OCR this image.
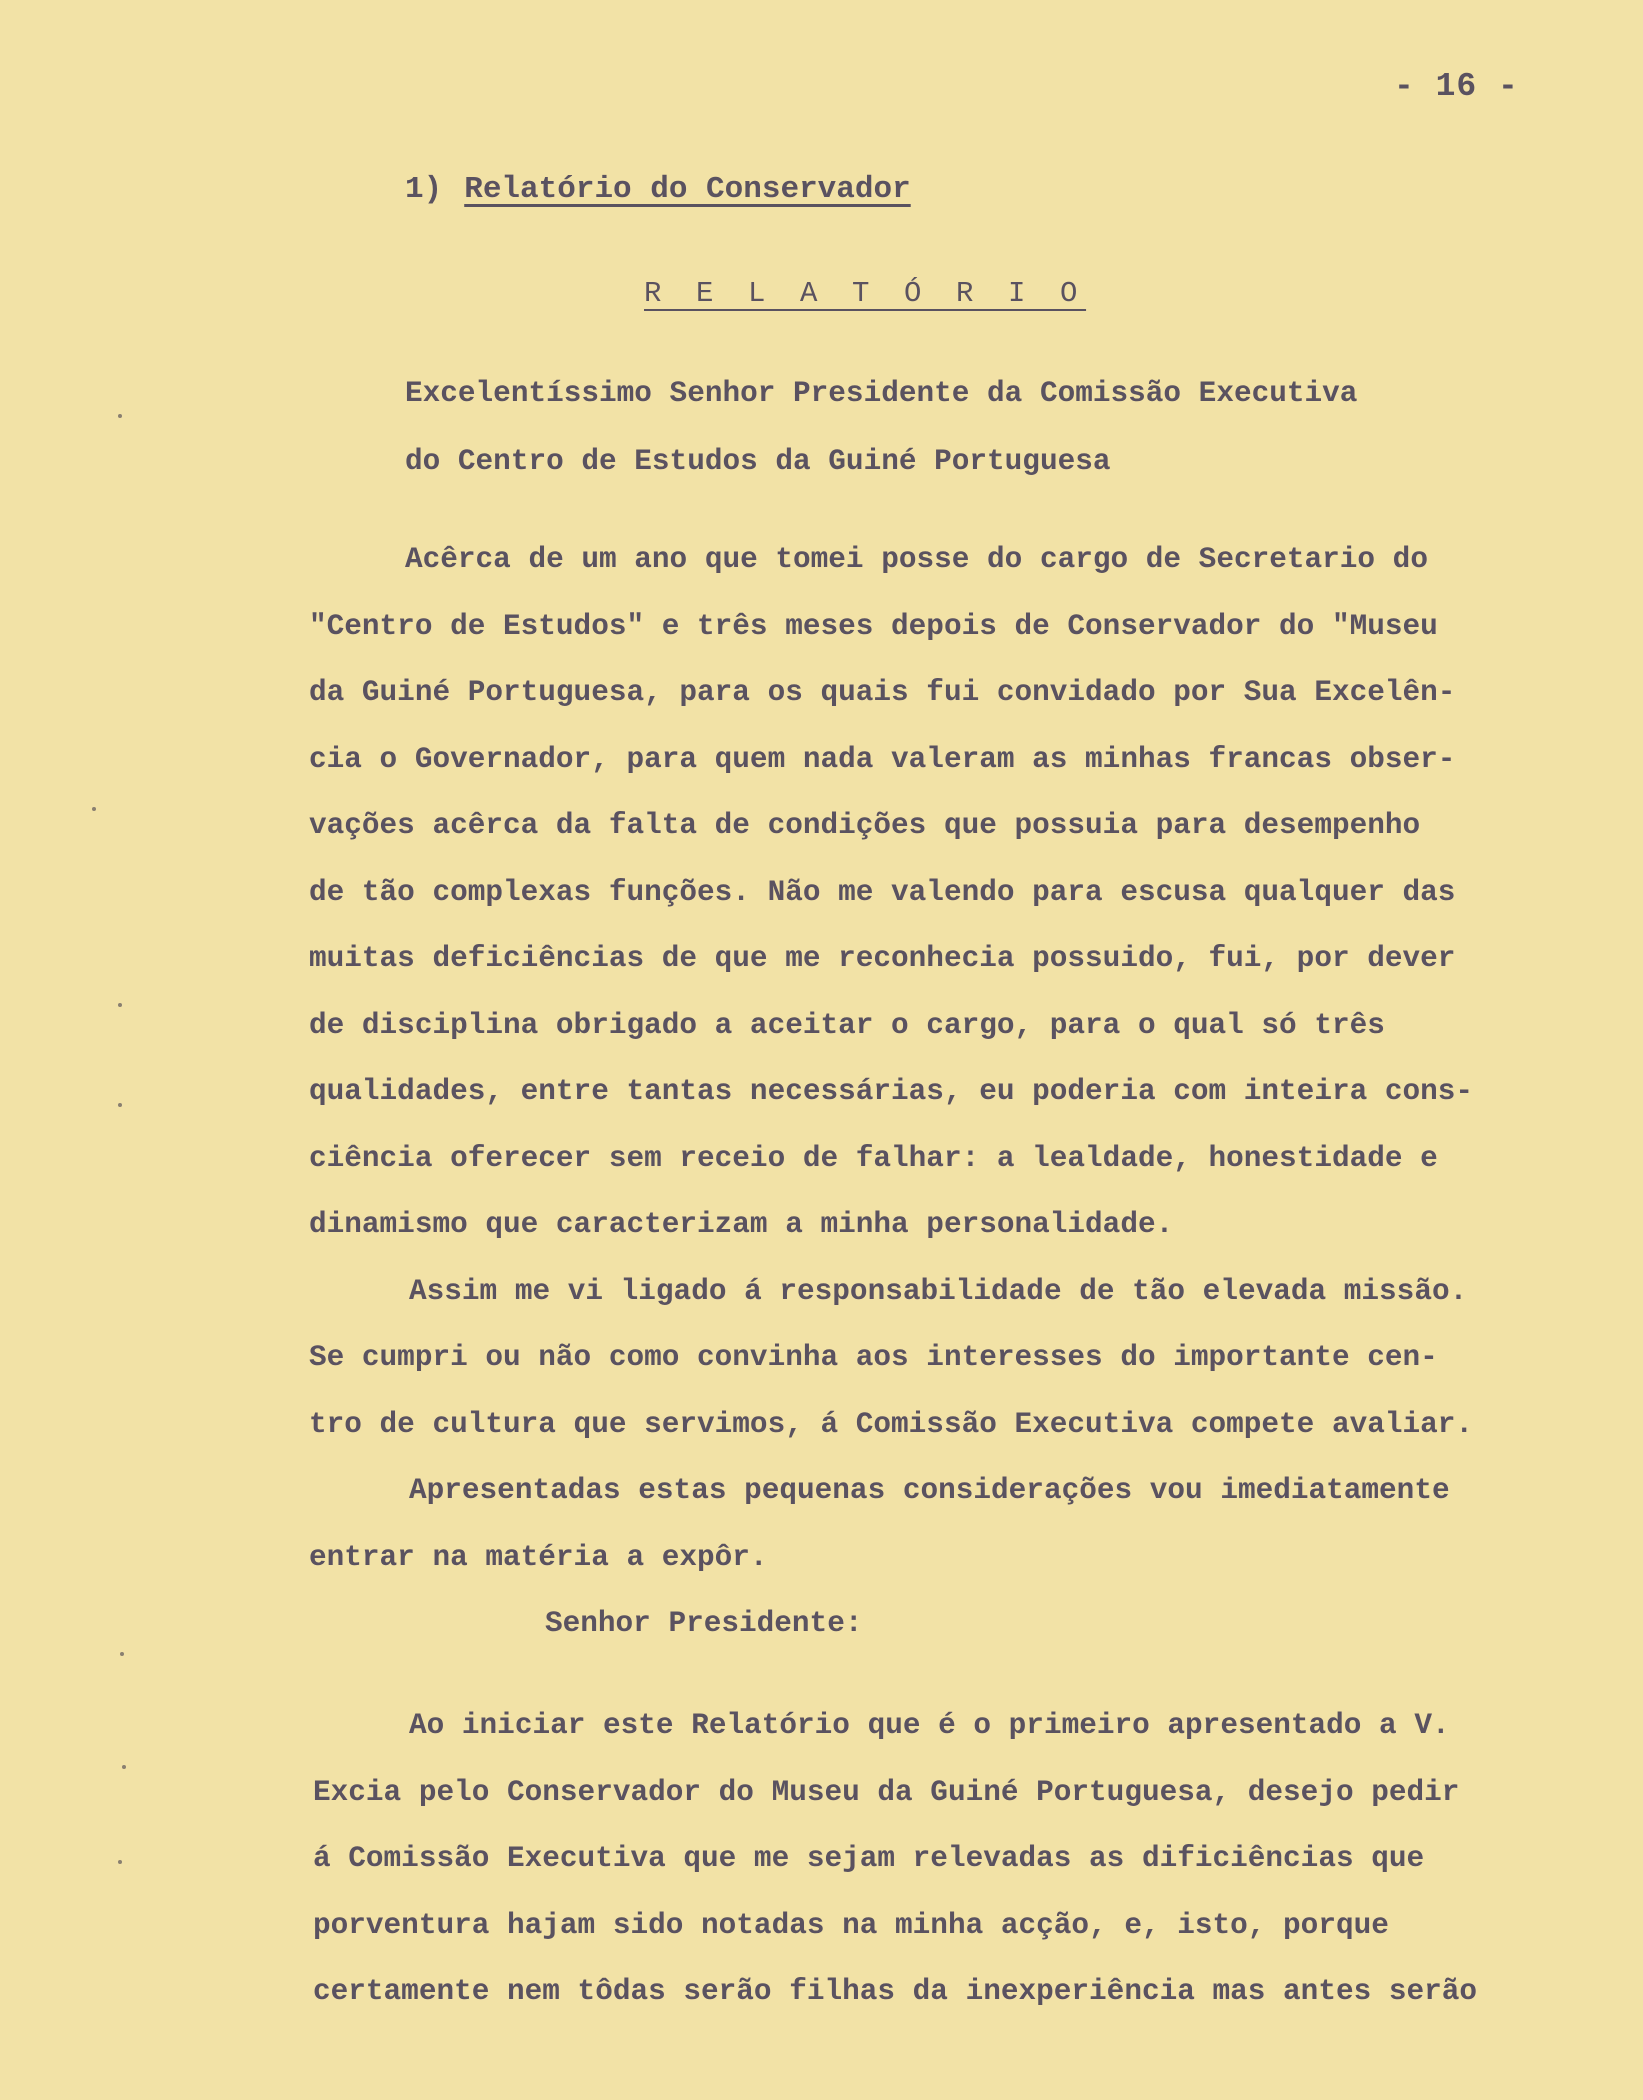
- 16 -
1) Relatório do Conservador
R E L A T Ó R I O
Excelentíssimo Senhor Presidente da Comissão Executiva
do Centro de Estudos da Guiné Portuguesa
Acêrca de um ano que tomei posse do cargo de Secretario do
"Centro de Estudos" e três meses depois de Conservador do "Museu
da Guiné Portuguesa, para os quais fui convidado por Sua Excelên-
cia o Governador, para quem nada valeram as minhas francas obser-
vações acêrca da falta de condições que possuia para desempenho
de tão complexas funções. Não me valendo para escusa qualquer das
muitas deficiências de que me reconhecia possuido, fui, por dever
de disciplina obrigado a aceitar o cargo, para o qual só três
qualidades, entre tantas necessárias, eu poderia com inteira cons-
ciência oferecer sem receio de falhar: a lealdade, honestidade e
dinamismo que caracterizam a minha personalidade.
Assim me vi ligado á responsabilidade de tão elevada missão.
Se cumpri ou não como convinha aos interesses do importante cen-
tro de cultura que servimos, á Comissão Executiva compete avaliar.
Apresentadas estas pequenas considerações vou imediatamente
entrar na matéria a expôr.
Senhor Presidente:
Ao iniciar este Relatório que é o primeiro apresentado a V.
Excia pelo Conservador do Museu da Guiné Portuguesa, desejo pedir
á Comissão Executiva que me sejam relevadas as dificiências que
porventura hajam sido notadas na minha acção, e, isto, porque
certamente nem tôdas serão filhas da inexperiência mas antes serão
